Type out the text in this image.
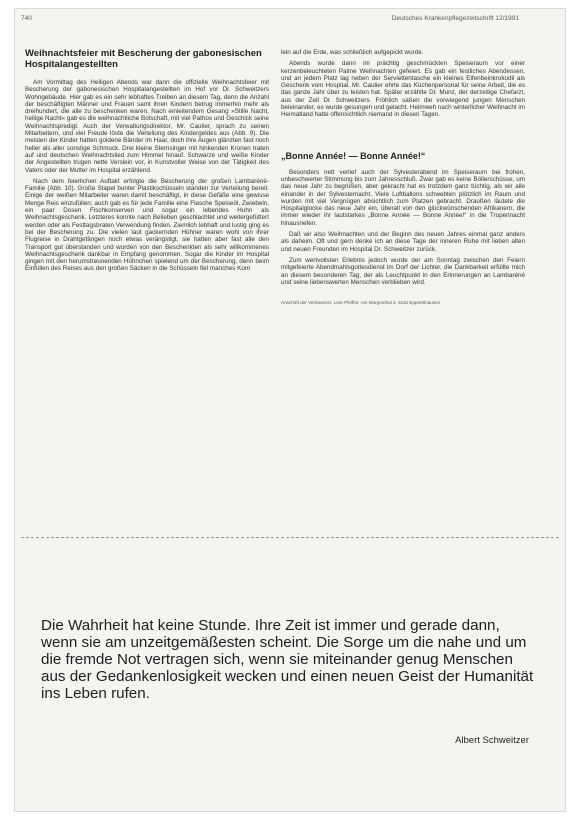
740	Deutsches Krankenpflegezeitschrift 12/1991
Weihnachtsfeier mit Bescherung der gabonesischen Hospitalangestellten

Am Vormittag des Heiligen Abends war dann die offizielle Weihnachtsfeier mit Bescherung der gabonesischen Hospitalangestellten im Hof vor Dr. Schweitzers Wohngebäude. Hier gab es ein sehr lebhaftes Treiben an diesem Tag, denn die Anzahl der beschäftigten Männer und Frauen samt ihren Kindern betrug immerhin mehr als dreihundert, die alle zu beschenken waren. Nach einleitendem Gesang »Stille Nacht, heilige Nacht« gab es die weihnachtliche Botschaft, mit viel Pathos und Geschick seine Weihnachtspredigt. Auch der Verwaltungsdirektor, Mr. Caulier, sprach zu seinen Mitarbeitern, und viel Freude löste die Verteilung des Kindergeldes aus (Abb. 9). Die meisten der Kinder hatten goldene Bänder im Haar, doch ihre Augen glänzten fast noch heller als aller sonstige Schmuck. Drei kleine Sternsinger mit hinkenden Kronen traten auf und deutschen Weihnachtslied zum Himmel hinauf. Schwarze und weiße Kinder der Angestellten trugen nette Verslein vor, in Kunstvoller Weise von der Tätigkeit des Vaters oder der Mutter im Hospital erzählend.

Nach dem feierlichen Auftakt erfolgte die Bescherung der großen Lambaréné-Familie (Abb. 10). Große Stapel bunter Plastikschüsseln standen zur Verteilung bereit. Einige der weißen Mitarbeiter waren damit beschäftigt, in diese Gefäße eine gewisse Menge Reis einzufüllen; auch gab es für jede Familie eine Flasche Speiseöl, Zwiebeln, ein paar Dosen Fischkonserven und sogar ein lebendes Huhn als Weihnachtsgeschenk. Letzteres konnte nach Belieben geschlachtet und weitergefüttert werden oder als Festtagsbraten Verwendung finden. Ziemlich lebhaft und lustig ging es bei der Bescherung zu. Die vielen laut gackernden Hühner waren wohl von ihrer Flugreise in Drahtgefängen noch etwas verängstigt, sie hatten aber fast alle den Transport gut überstanden und wurden von den Beschenkten als sehr willkommenes Weihnachtsgeschenk dankbar in Empfang genommen. Sogar die Kinder im Hospital gingen mit den herumstreunenden Hühnchen spielend um der Bescherung, denn beim Einfüllen des Reises aus den großen Säcken in die Schüsseln fiel manches Korn

lein auf die Erde, was schließlich aufgepickt wurde.

Abends wurde dann im prächtig geschmückten Speiseraum vor einer kerzenbeleuchteten Palme Weihnachten gefeiert. Es gab ein festliches Abendessen, und an jedem Platz lag neben der Serviettentasche ein kleines Elfenbeinkrokodil als Geschenk vom Hospital. Mr. Caulier ehrte das Küchenpersonal für seine Arbeit, die es das ganze Jahr über zu leisten hat. Später erzählte Dr. Munz, der derzeitige Chefarzt, aus der Zeit Dr. Schweitzers. Fröhlich saßen die vorwiegend jungen Menschen beieinander, es wurde gesungen und gelacht. Heimweh nach winterlicher Weihnacht im Heimatland hatte offensichtlich niemand in diesen Tagen.

„Bonne Année! — Bonne Année!“

Besonders nett verlief auch der Sylvesterabend im Speiseraum bei frohen, unbeschwerter Stimmung bis zum Jahresschluß. Zwar gab es keine Böllerschüsse, um das neue Jahr zu begrüßen, aber gekracht hat es trotzdem ganz tüchtig, als wir alle einander in der Sylvesternacht. Viele Luftballons schwebten plötzlich im Raum und wurden mit viel Vergnügen absichtlich zum Platzen gebracht. Draußen läutete die Hospitalglocke das neue Jahr ein, überall von den glückwünschenden Afrikanern, die immer wieder ihr lautstarkes „Bonne Année — Bonne Année!“ in die Tropennacht hinausriefen.

Daß wir also Weihnachten und der Beginn des neuen Jahres einmal ganz anders als daheim. Oft und gern denke ich an diese Tage der inneren Ruhe mit lieben alten und neuen Freunden im Hospital Dr. Schweitzer zurück.

Zum wertvollsten Erlebnis jedoch wurde der am Sonntag zwischen den Feiern mitgefeierte Abendmahlsgottesdienst im Dorf der Lichter, die Dankbarkeit erfüllte mich an diesem besonderen Tag, der als Leuchtpunkt in den Erinnerungen an Lambaréné und seine liebenswerten Menschen verblieben wird.

Anschrift der Verfasserin: Lore Pfeiffer, Am Morgenthal 2, 6116 Eppertshausen
Die Wahrheit hat keine Stunde. Ihre Zeit ist immer und gerade dann, wenn sie am unzeitgemäßesten scheint. Die Sorge um die nahe und um die fremde Not vertragen sich, wenn sie miteinander genug Menschen aus der Gedankenlosigkeit wecken und einen neuen Geist der Humanität ins Leben rufen.
Albert Schweitzer
